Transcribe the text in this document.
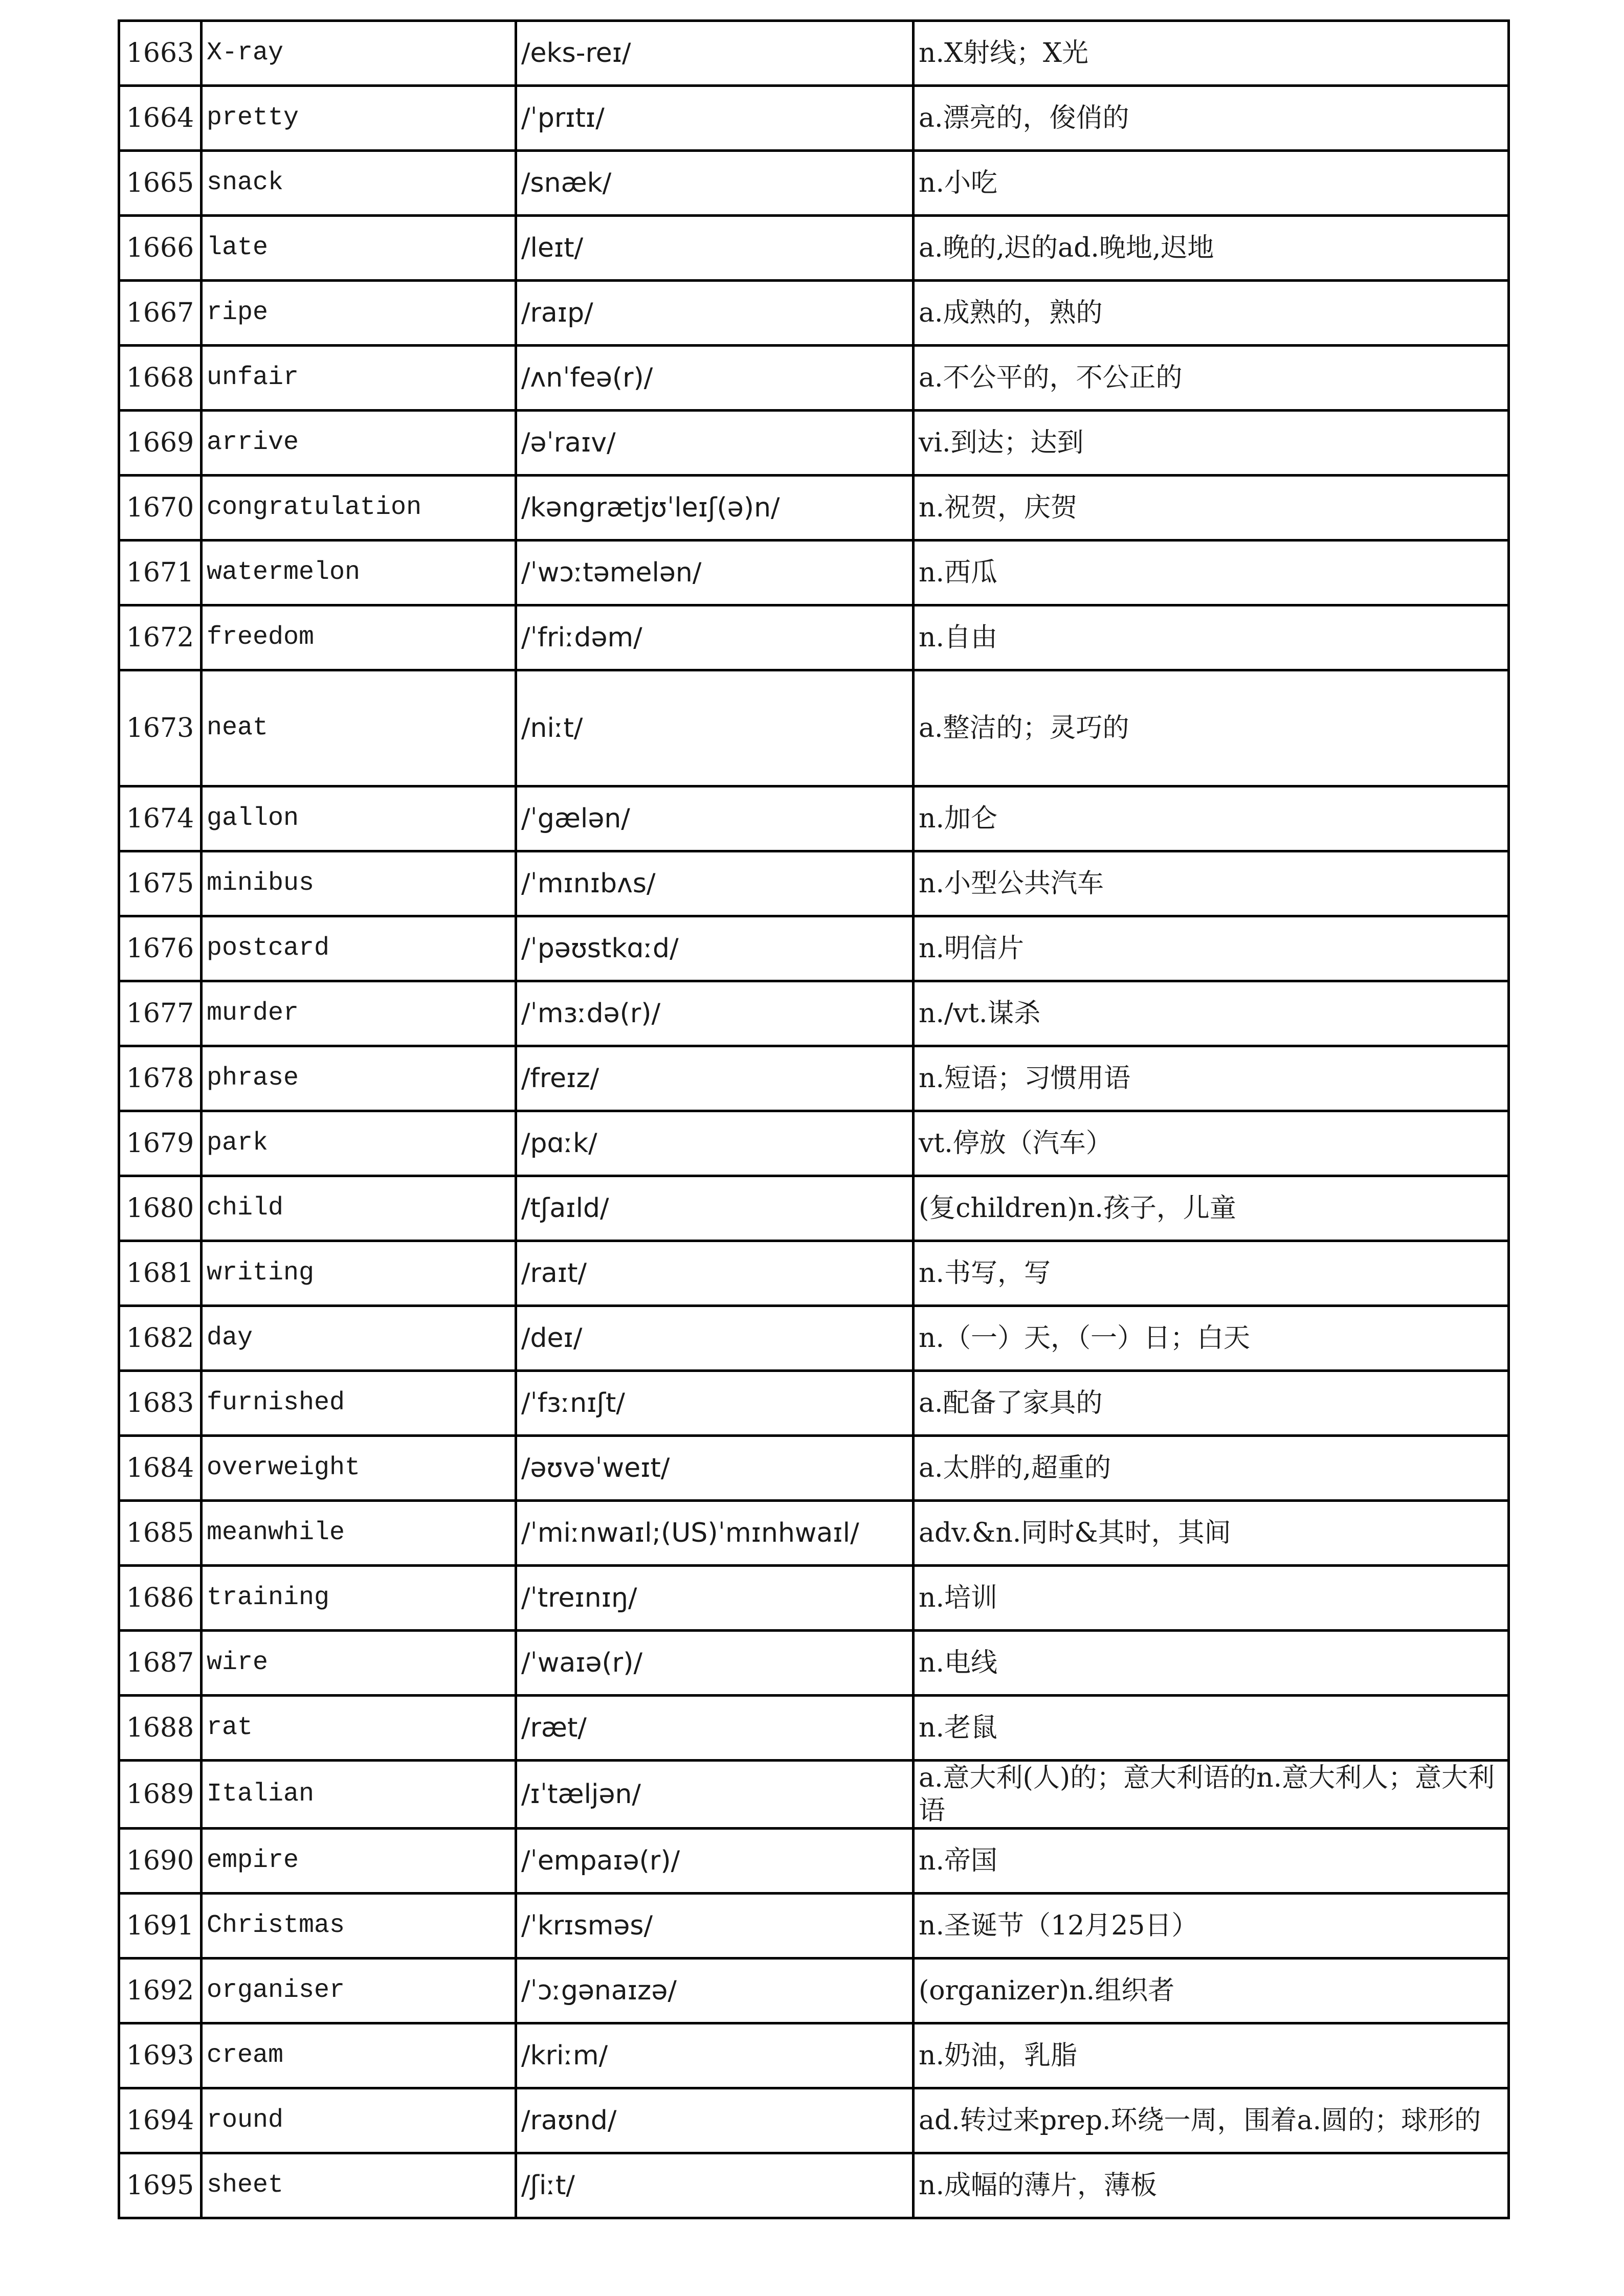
1663	X-ray	/eks-reɪ/	n.X射线；X光
1664	pretty	/ˈprɪtɪ/	a.漂亮的，俊俏的
1665	snack	/snæk/	n.小吃
1666	late	/leɪt/	a.晚的,迟的ad.晚地,迟地
1667	ripe	/raɪp/	a.成熟的，熟的
1668	unfair	/ʌnˈfeə(r)/	a.不公平的，不公正的
1669	arrive	/əˈraɪv/	vi.到达；达到
1670	congratulation	/kəngrætjʊˈleɪʃ(ə)n/	n.祝贺，庆贺
1671	watermelon	/ˈwɔːtəmelən/	n.西瓜
1672	freedom	/ˈfriːdəm/	n.自由
1673	neat	/niːt/	a.整洁的；灵巧的
1674	gallon	/ˈgælən/	n.加仑
1675	minibus	/ˈmɪnɪbʌs/	n.小型公共汽车
1676	postcard	/ˈpəʊstkɑːd/	n.明信片
1677	murder	/ˈmɜːdə(r)/	n./vt.谋杀
1678	phrase	/freɪz/	n.短语；习惯用语
1679	park	/pɑːk/	vt.停放（汽车）
1680	child	/tʃaɪld/	(复children)n.孩子，儿童
1681	writing	/raɪt/	n.书写，写
1682	day	/deɪ/	n.（一）天，（一）日；白天
1683	furnished	/ˈfɜːnɪʃt/	a.配备了家具的
1684	overweight	/əʊvəˈweɪt/	a.太胖的,超重的
1685	meanwhile	/ˈmiːnwaɪl;(US)ˈmɪnhwaɪl/	adv.&n.同时&其时，其间
1686	training	/ˈtreɪnɪŋ/	n.培训
1687	wire	/ˈwaɪə(r)/	n.电线
1688	rat	/ræt/	n.老鼠
1689	Italian	/ɪˈtæljən/	a.意大利(人)的；意大利语的n.意大利人；意大利语
1690	empire	/ˈempaɪə(r)/	n.帝国
1691	Christmas	/ˈkrɪsməs/	n.圣诞节（12月25日）
1692	organiser	/ˈɔːgənaɪzə/	(organizer)n.组织者
1693	cream	/kriːm/	n.奶油，乳脂
1694	round	/raʊnd/	ad.转过来prep.环绕一周，围着a.圆的；球形的
1695	sheet	/ʃiːt/	n.成幅的薄片，薄板
